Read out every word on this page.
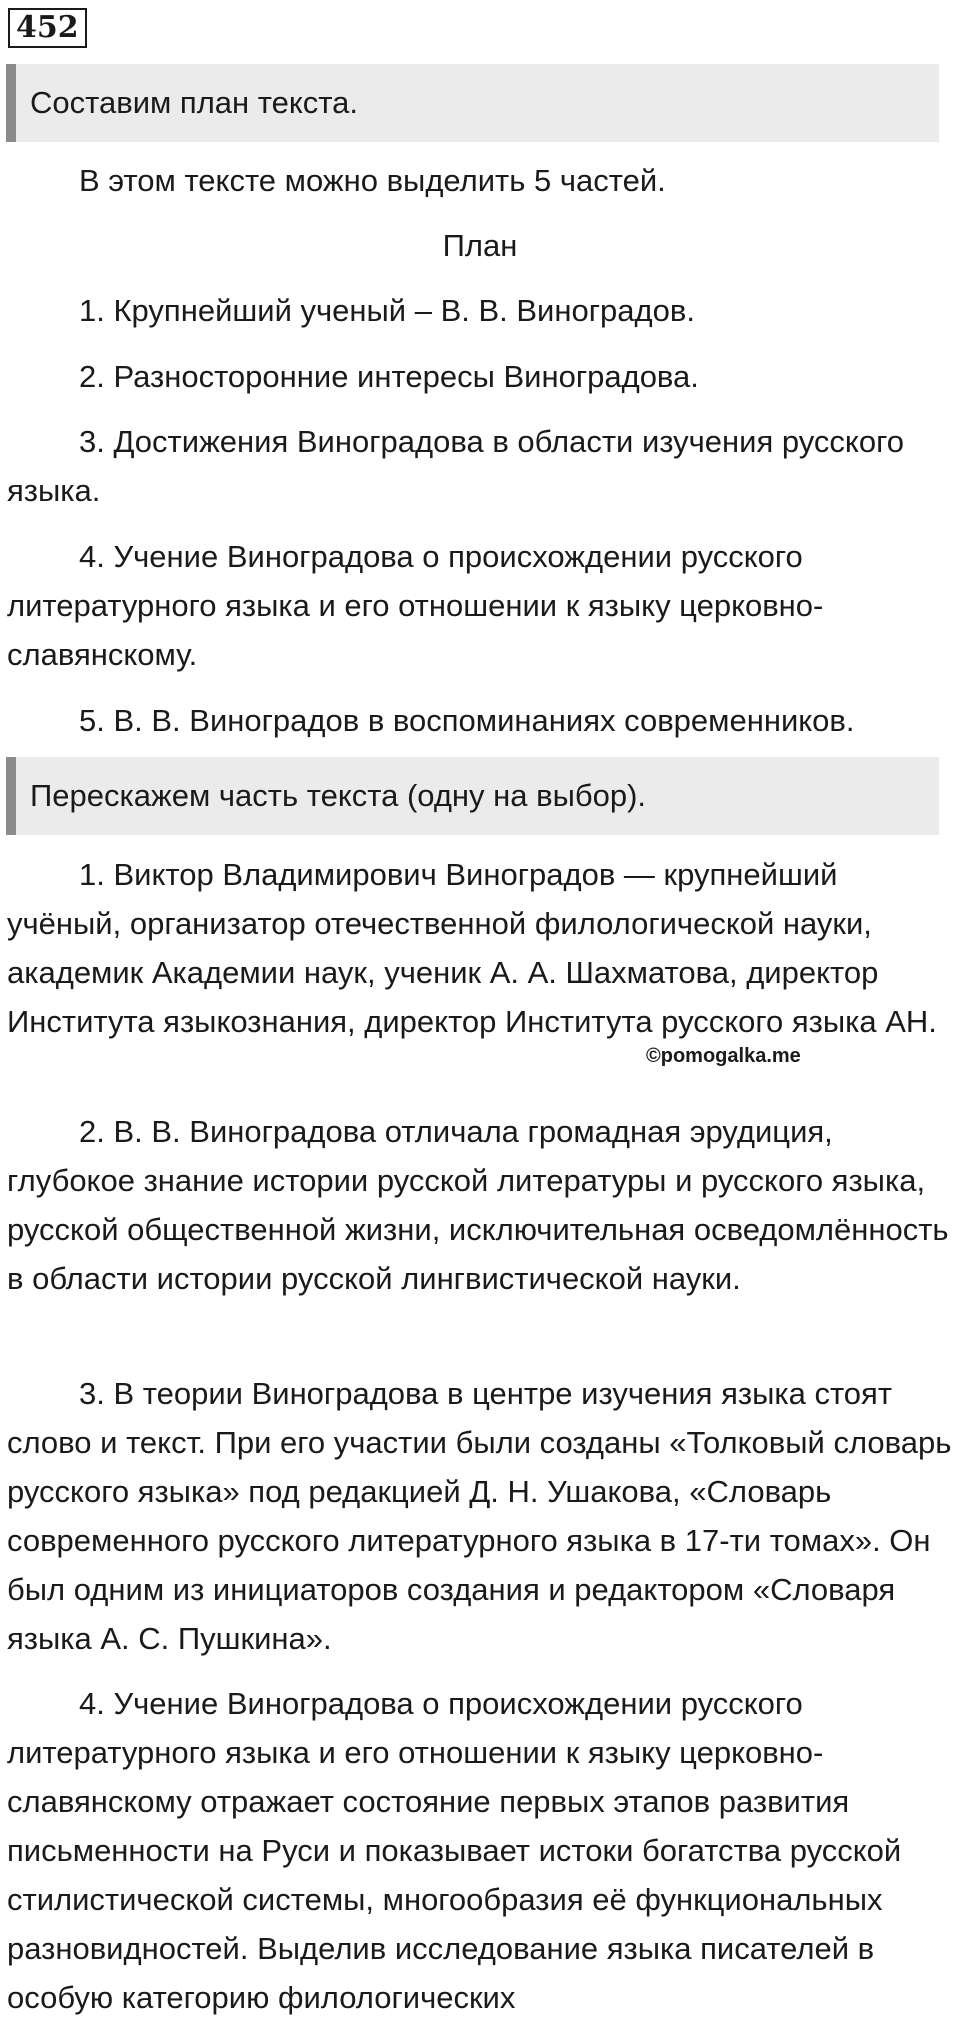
452
Составим план текста.

В этом тексте можно выделить 5 частей.

План

1. Крупнейший ученый – В. В. Виноградов.

2. Разносторонние интересы Виноградова.

3. Достижения Виноградова в области изучения русского языка.

4. Учение Виноградова о происхождении русского литературного языка и его отношении к языку церковно-славянскому.

5. В. В. Виноградов в воспоминаниях современников.

Перескажем часть текста (одну на выбор).

1. Виктор Владимирович Виноградов — крупнейший учёный, организатор отечественной филологической науки, академик Академии наук, ученик А. А. Шахматова, директор Института языкознания, директор Института русского языка АН.

©pomogalka.me

2. В. В. Виноградова отличала громадная эрудиция, глубокое знание истории русской литературы и русского языка, русской общественной жизни, исключительная осведомлённость в области истории русской лингвистической науки.

3. В теории Виноградова в центре изучения языка стоят слово и текст. При его участии были созданы «Толковый словарь русского языка» под редакцией Д. Н. Ушакова, «Словарь современного русского литературного языка в 17-ти томах». Он был одним из инициаторов создания и редактором «Словаря языка А. С. Пушкина».

4. Учение Виноградова о происхождении русского литературного языка и его отношении к языку церковно-славянскому отражает состояние первых этапов развития письменности на Руси и показывает истоки богатства русской стилистической системы, многообразия её функциональных разновидностей. Выделив исследование языка писателей в особую категорию филологических
